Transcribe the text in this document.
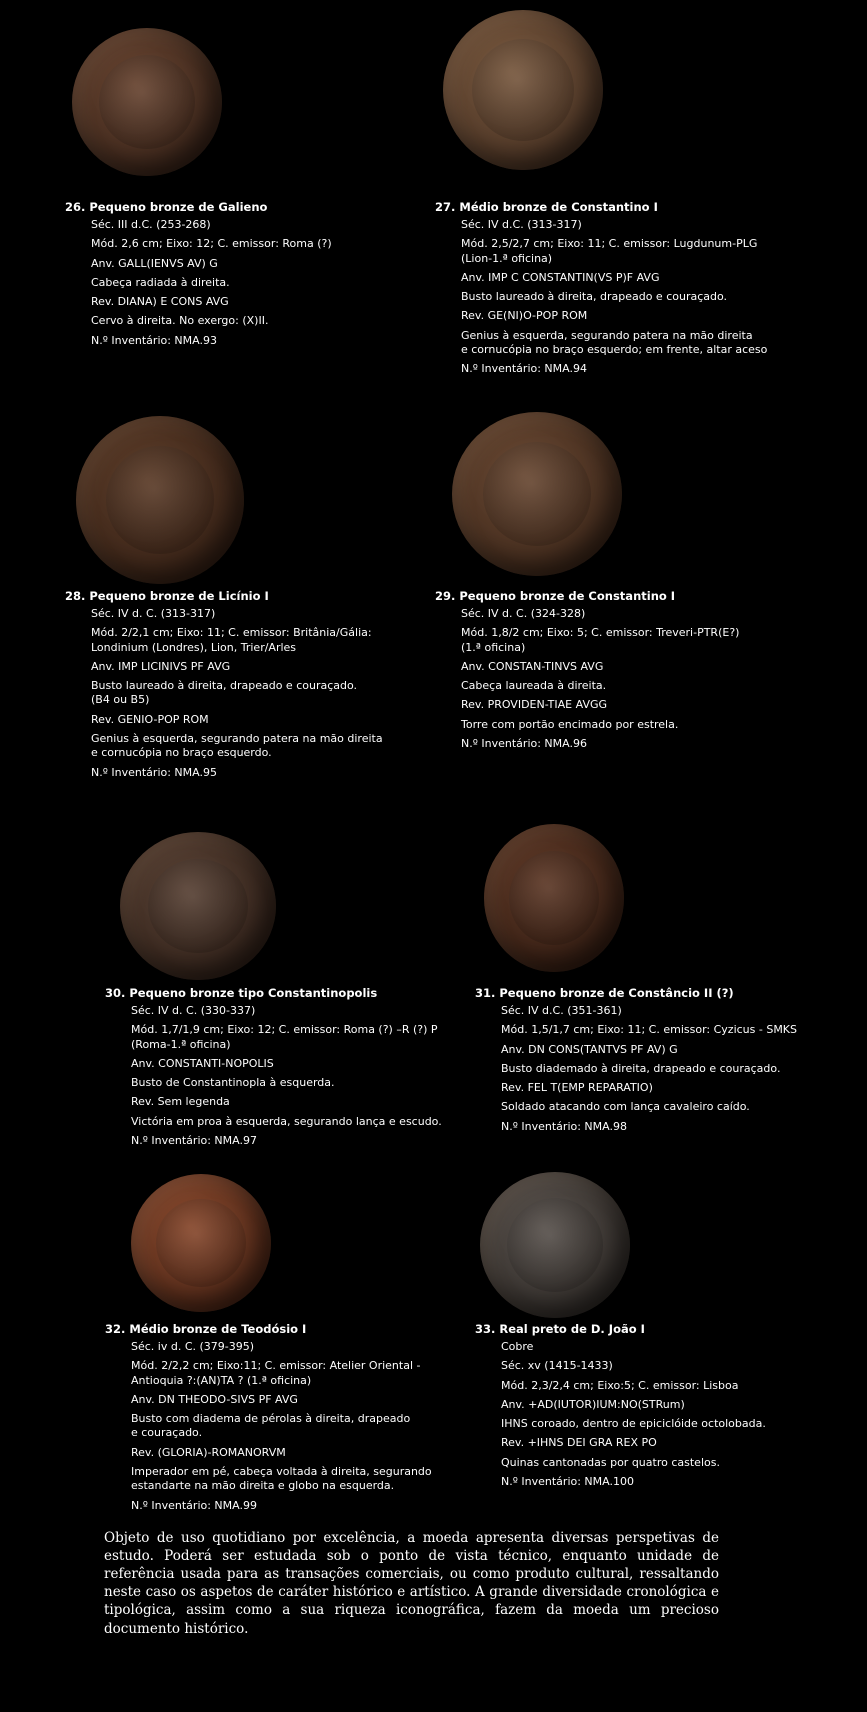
26. Pequeno bronze de Galieno
Séc. III d.C. (253-268)
Mód. 2,6 cm; Eixo: 12; C. emissor: Roma (?)
Anv. GALL(IENVS AV) G
Cabeça radiada à direita.
Rev. DIANA) E CONS AVG
Cervo à direita. No exergo: (X)II.
N.º Inventário: NMA.93
27. Médio bronze de Constantino I
Séc. IV d.C. (313-317)
Mód. 2,5/2,7 cm; Eixo: 11; C. emissor: Lugdunum-PLG
(Lion-1.ª oficina)
Anv. IMP C CONSTANTIN(VS P)F AVG
Busto laureado à direita, drapeado e couraçado.
Rev. GE(NI)O-POP ROM
Genius à esquerda, segurando patera na mão direita
e cornucópia no braço esquerdo; em frente, altar aceso
N.º Inventário: NMA.94
28. Pequeno bronze de Licínio I
Séc. IV d. C. (313-317)
Mód. 2/2,1 cm; Eixo: 11; C. emissor: Britânia/Gália:
Londinium (Londres), Lion, Trier/Arles
Anv. IMP LICINIVS PF AVG
Busto laureado à direita, drapeado e couraçado.
(B4 ou B5)
Rev. GENIO-POP ROM
Genius à esquerda, segurando patera na mão direita
e cornucópia no braço esquerdo.
N.º Inventário: NMA.95
29. Pequeno bronze de Constantino I
Séc. IV d. C. (324-328)
Mód. 1,8/2 cm; Eixo: 5; C. emissor: Treveri-PTR(E?)
(1.ª oficina)
Anv. CONSTAN-TINVS AVG
Cabeça laureada à direita.
Rev. PROVIDEN-TIAE AVGG
Torre com portão encimado por estrela.
N.º Inventário: NMA.96
30. Pequeno bronze tipo Constantinopolis
Séc. IV d. C. (330-337)
Mód. 1,7/1,9 cm; Eixo: 12; C. emissor: Roma (?) –R (?) P
(Roma-1.ª oficina)
Anv. CONSTANTI-NOPOLIS
Busto de Constantinopla à esquerda.
Rev. Sem legenda
Victória em proa à esquerda, segurando lança e escudo.
N.º Inventário: NMA.97
31. Pequeno bronze de Constâncio II (?)
Séc. IV d.C. (351-361)
Mód. 1,5/1,7 cm; Eixo: 11; C. emissor: Cyzicus - SMKS
Anv. DN CONS(TANTVS PF AV) G
Busto diademado à direita, drapeado e couraçado.
Rev. FEL T(EMP REPARATIO)
Soldado atacando com lança cavaleiro caído.
N.º Inventário: NMA.98
32. Médio bronze de Teodósio I
Séc. iv d. C. (379-395)
Mód. 2/2,2 cm; Eixo:11; C. emissor: Atelier Oriental -
Antioquia ?:(AN)TA ? (1.ª oficina)
Anv. DN THEODO-SIVS PF AVG
Busto com diadema de pérolas à direita, drapeado
e couraçado.
Rev. (GLORIA)-ROMANORVM
Imperador em pé, cabeça voltada à direita, segurando
estandarte na mão direita e globo na esquerda.
N.º Inventário: NMA.99
33. Real preto de D. João I
Cobre
Séc. xv (1415-1433)
Mód. 2,3/2,4 cm; Eixo:5; C. emissor: Lisboa
Anv. +AD(IUTOR)IUM:NO(STRum)
IHNS coroado, dentro de epiciclóide octolobada.
Rev. +IHNS DEI GRA REX PO
Quinas cantonadas por quatro castelos.
N.º Inventário: NMA.100

Objeto de uso quotidiano por excelência, a moeda apresenta diversas perspetivas de estudo. Poderá ser estudada sob o ponto de vista técnico, enquanto unidade de referência usada para as transações comerciais, ou como produto cultural, ressaltando neste caso os aspetos de caráter histórico e artístico. A grande diversidade cronológica e tipológica, assim como a sua riqueza iconográfica, fazem da moeda um precioso documento histórico.
